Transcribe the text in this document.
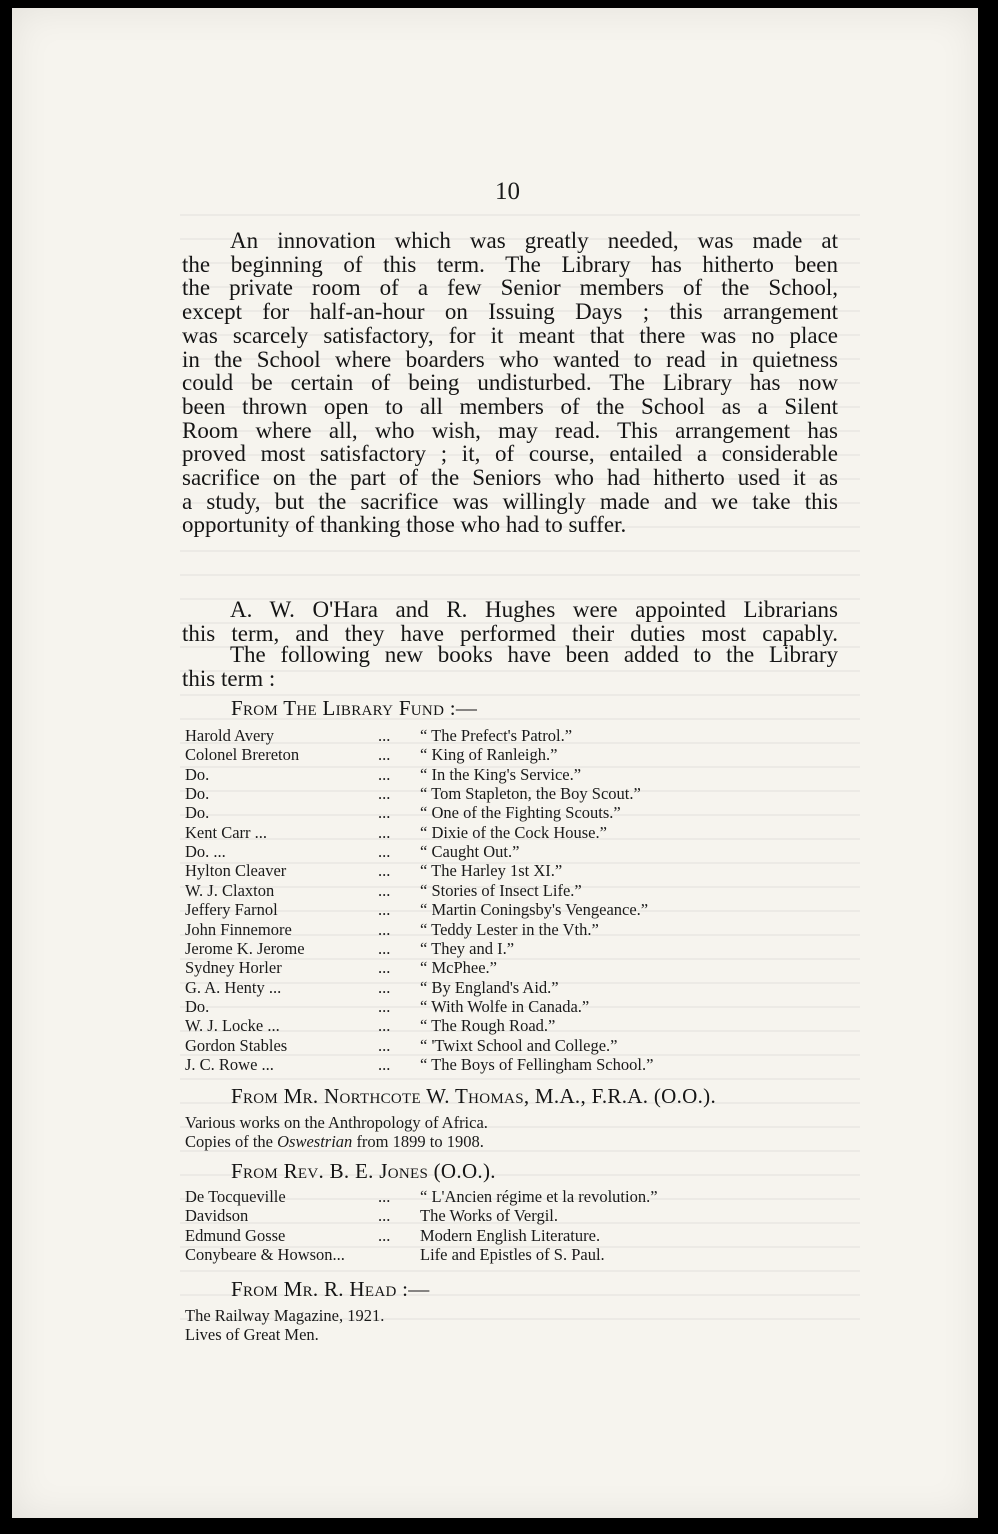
10
An innovation which was greatly needed, was made at
the beginning of this term. The Library has hitherto been
the private room of a few Senior members of the School,
except for half-an-hour on Issuing Days ; this arrangement
was scarcely satisfactory, for it meant that there was no place
in the School where boarders who wanted to read in quietness
could be certain of being undisturbed. The Library has now
been thrown open to all members of the School as a Silent
Room where all, who wish, may read. This arrangement has
proved most satisfactory ; it, of course, entailed a considerable
sacrifice on the part of the Seniors who had hitherto used it as
a study, but the sacrifice was willingly made and we take this
opportunity of thanking those who had to suffer.
A. W. O'Hara and R. Hughes were appointed Librarians
this term, and they have performed their duties most capably.
The following new books have been added to the Library
this term :
From The Library Fund :—
Harold Avery	... “ The Prefect's Patrol.”
Colonel Brereton	... “ King of Ranleigh.”
Do.	... “ In the King's Service.”
Do.	... “ Tom Stapleton, the Boy Scout.”
Do.	... “ One of the Fighting Scouts.”
Kent Carr ...	... “ Dixie of the Cock House.”
Do. ...	... “ Caught Out.”
Hylton Cleaver	... “ The Harley 1st XI.”
W. J. Claxton	... “ Stories of Insect Life.”
Jeffery Farnol	... “ Martin Coningsby's Vengeance.”
John Finnemore	... “ Teddy Lester in the Vth.”
Jerome K. Jerome	... “ They and I.”
Sydney Horler	... “ McPhee.”
G. A. Henty ...	... “ By England's Aid.”
Do.	... “ With Wolfe in Canada.”
W. J. Locke ...	... “ The Rough Road.”
Gordon Stables	... “ 'Twixt School and College.”
J. C. Rowe ...	... “ The Boys of Fellingham School.”
From Mr. Northcote W. Thomas, M.A., F.R.A. (O.O.).
Various works on the Anthropology of Africa.
Copies of the Oswestrian from 1899 to 1908.
From Rev. B. E. Jones (O.O.).
De Tocqueville	... “ L'Ancien régime et la revolution.”
Davidson	... The Works of Vergil.
Edmund Gosse	... Modern English Literature.
Conybeare & Howson...	Life and Epistles of S. Paul.
From Mr. R. Head :—
The Railway Magazine, 1921.
Lives of Great Men.
